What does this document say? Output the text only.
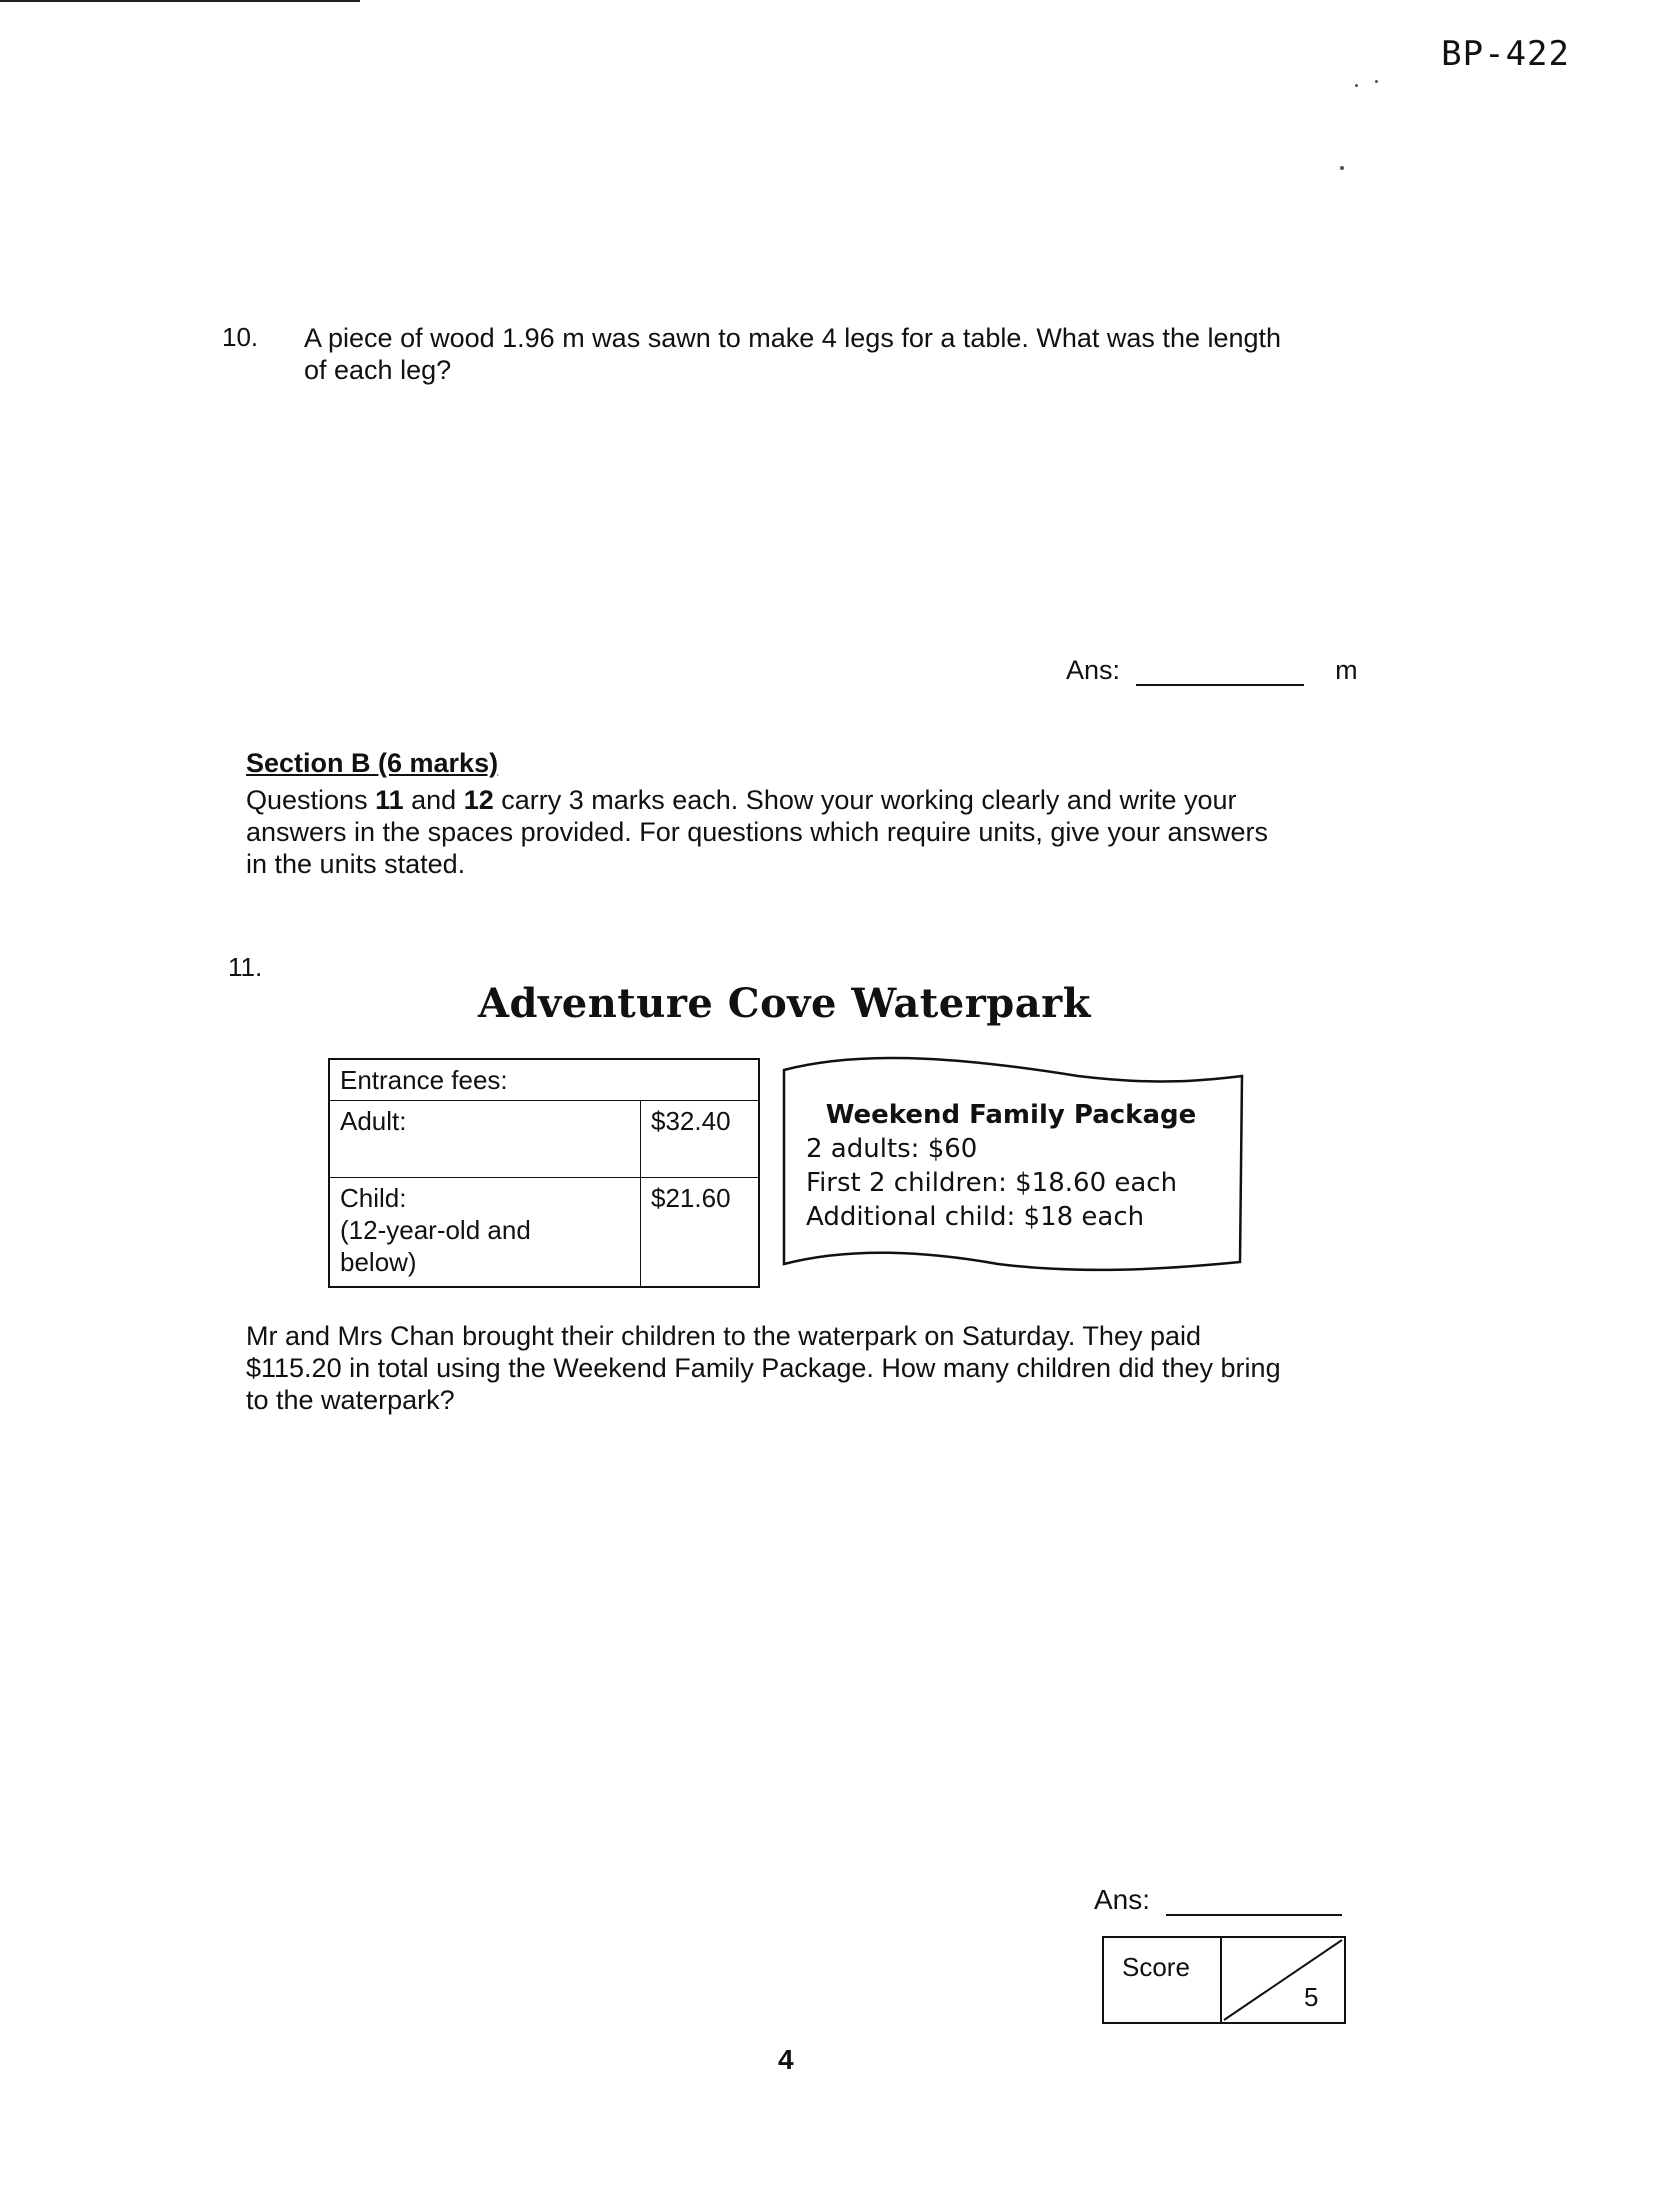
BP-422
10. A piece of wood 1.96 m was sawn to make 4 legs for a table. What was the length
of each leg?
Ans:	m
Section B (6 marks)
Questions 11 and 12 carry 3 marks each. Show your working clearly and write your
answers in the spaces provided. For questions which require units, give your answers
in the units stated.
11.
Adventure Cove Waterpark
Entrance fees:	
Adult:	$32.40

Child:
(12-year-old and
below)	$21.60
Weekend Family Package
2 adults: $60
First 2 children: $18.60 each
Additional child: $18 each
Mr and Mrs Chan brought their children to the waterpark on Saturday. They paid
$115.20 in total using the Weekend Family Package. How many children did they bring
to the waterpark?
Ans:
Score
5
4
